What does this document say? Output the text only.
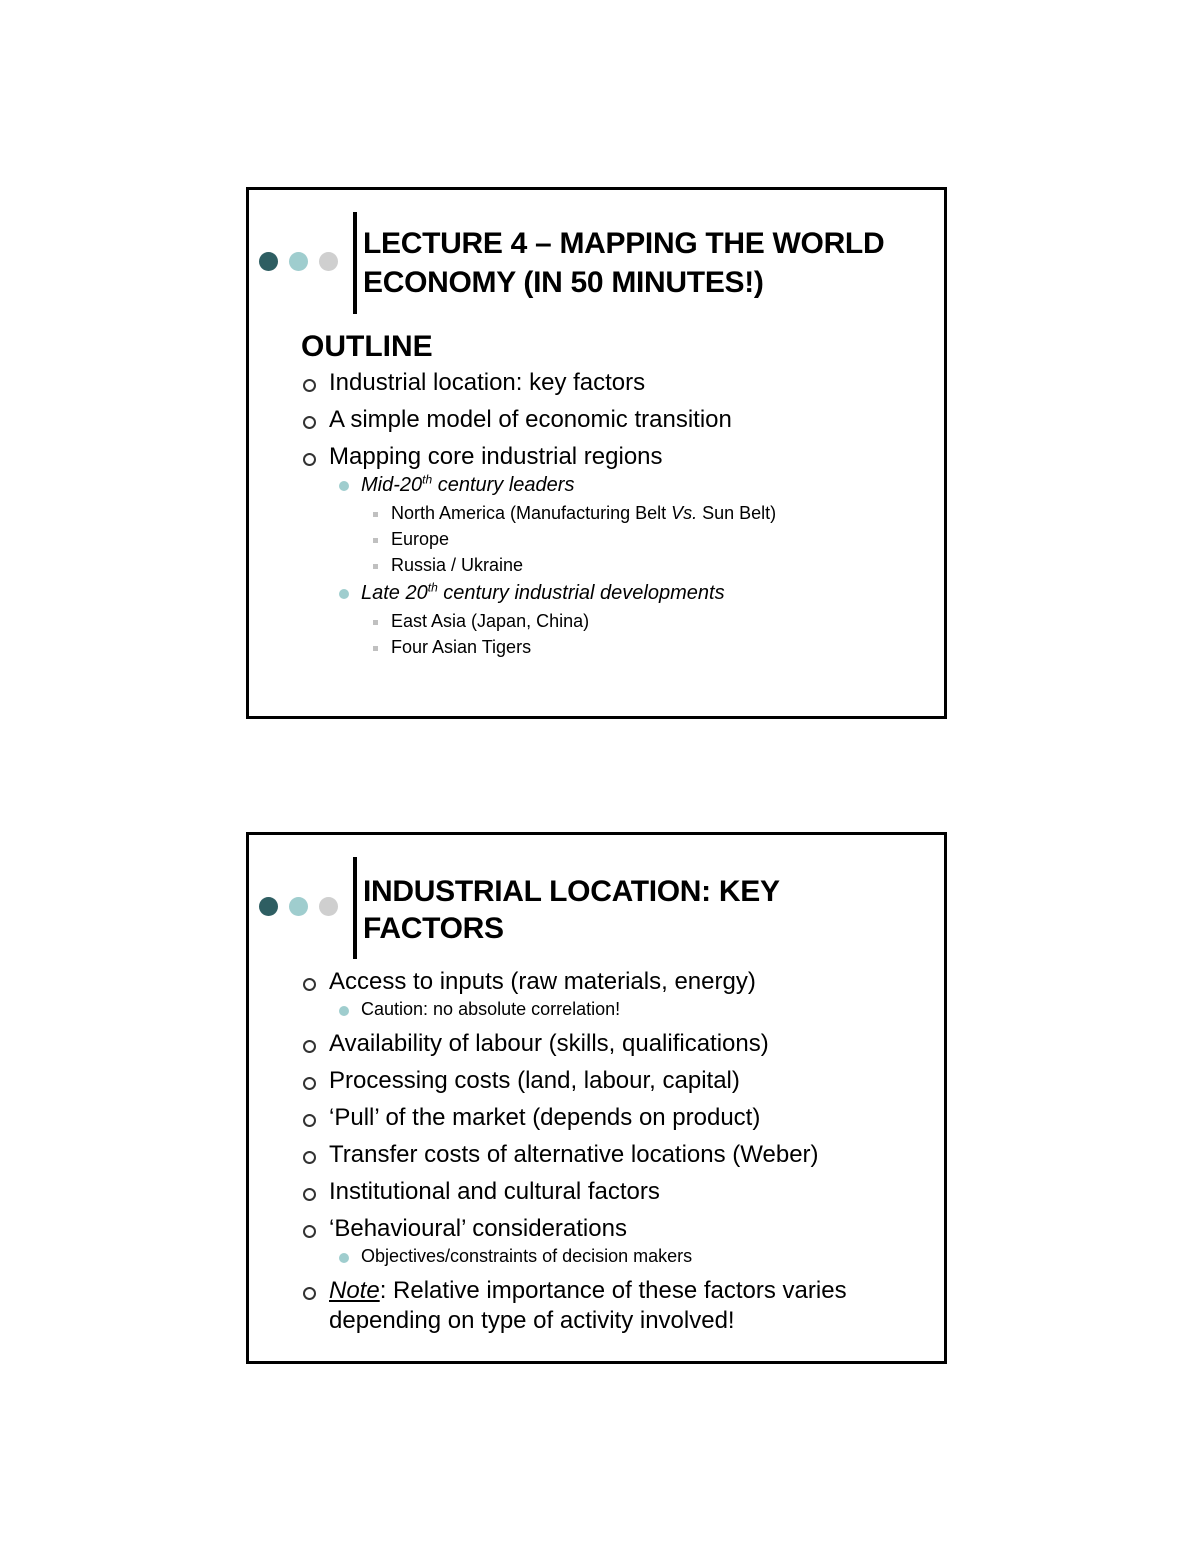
LECTURE 4 – MAPPING THE WORLD ECONOMY (IN 50 MINUTES!)
OUTLINE
Industrial location: key factors
A simple model of economic transition
Mapping core industrial regions
Mid-20th century leaders
North America (Manufacturing Belt Vs. Sun Belt)
Europe
Russia / Ukraine
Late 20th century industrial developments
East Asia (Japan, China)
Four Asian Tigers
INDUSTRIAL LOCATION: KEY FACTORS
Access to inputs (raw materials, energy)
Caution: no absolute correlation!
Availability of labour (skills, qualifications)
Processing costs (land, labour, capital)
‘Pull’ of the market (depends on product)
Transfer costs of alternative locations (Weber)
Institutional and cultural factors
‘Behavioural’ considerations
Objectives/constraints of decision makers
Note: Relative importance of these factors varies depending on type of activity involved!
